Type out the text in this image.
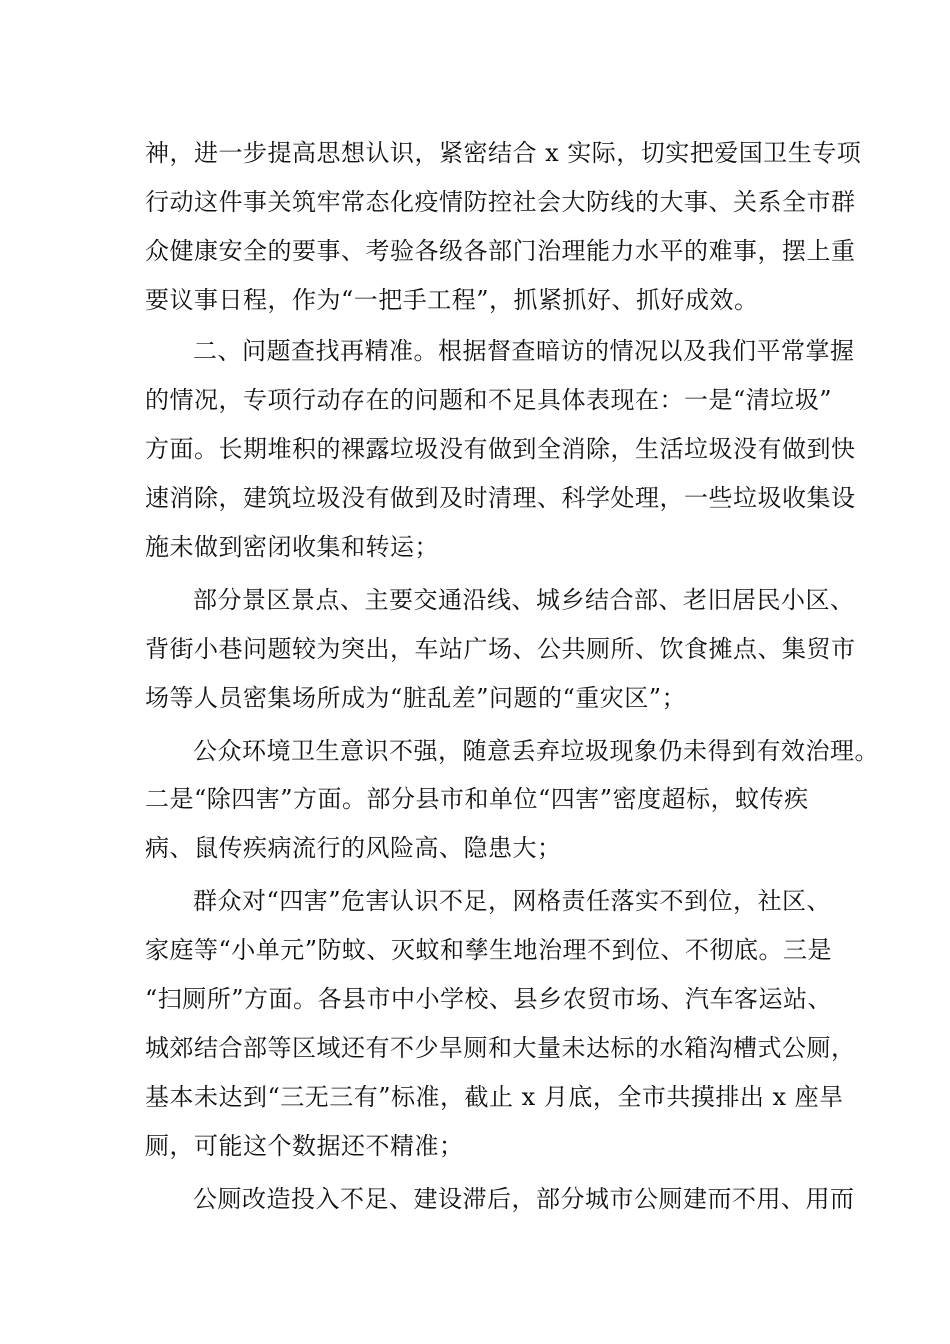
神，进一步提高思想认识，紧密结合 x 实际，切实把爱国卫生专项
行动这件事关筑牢常态化疫情防控社会大防线的大事、关系全市群
众健康安全的要事、考验各级各部门治理能力水平的难事，摆上重
要议事日程，作为“一把手工程”，抓紧抓好、抓好成效。
二、问题查找再精准。根据督查暗访的情况以及我们平常掌握
的情况，专项行动存在的问题和不足具体表现在：一是“清垃圾”
方面。长期堆积的裸露垃圾没有做到全消除，生活垃圾没有做到快
速消除，建筑垃圾没有做到及时清理、科学处理，一些垃圾收集设
施未做到密闭收集和转运；
部分景区景点、主要交通沿线、城乡结合部、老旧居民小区、
背街小巷问题较为突出，车站广场、公共厕所、饮食摊点、集贸市
场等人员密集场所成为“脏乱差”问题的“重灾区”；
公众环境卫生意识不强，随意丢弃垃圾现象仍未得到有效治理。
二是“除四害”方面。部分县市和单位“四害”密度超标，蚊传疾
病、鼠传疾病流行的风险高、隐患大；
群众对“四害”危害认识不足，网格责任落实不到位，社区、
家庭等“小单元”防蚊、灭蚊和孳生地治理不到位、不彻底。三是
“扫厕所”方面。各县市中小学校、县乡农贸市场、汽车客运站、
城郊结合部等区域还有不少旱厕和大量未达标的水箱沟槽式公厕，
基本未达到“三无三有”标准，截止 x 月底，全市共摸排出 x 座旱
厕，可能这个数据还不精准；
公厕改造投入不足、建设滞后，部分城市公厕建而不用、用而
